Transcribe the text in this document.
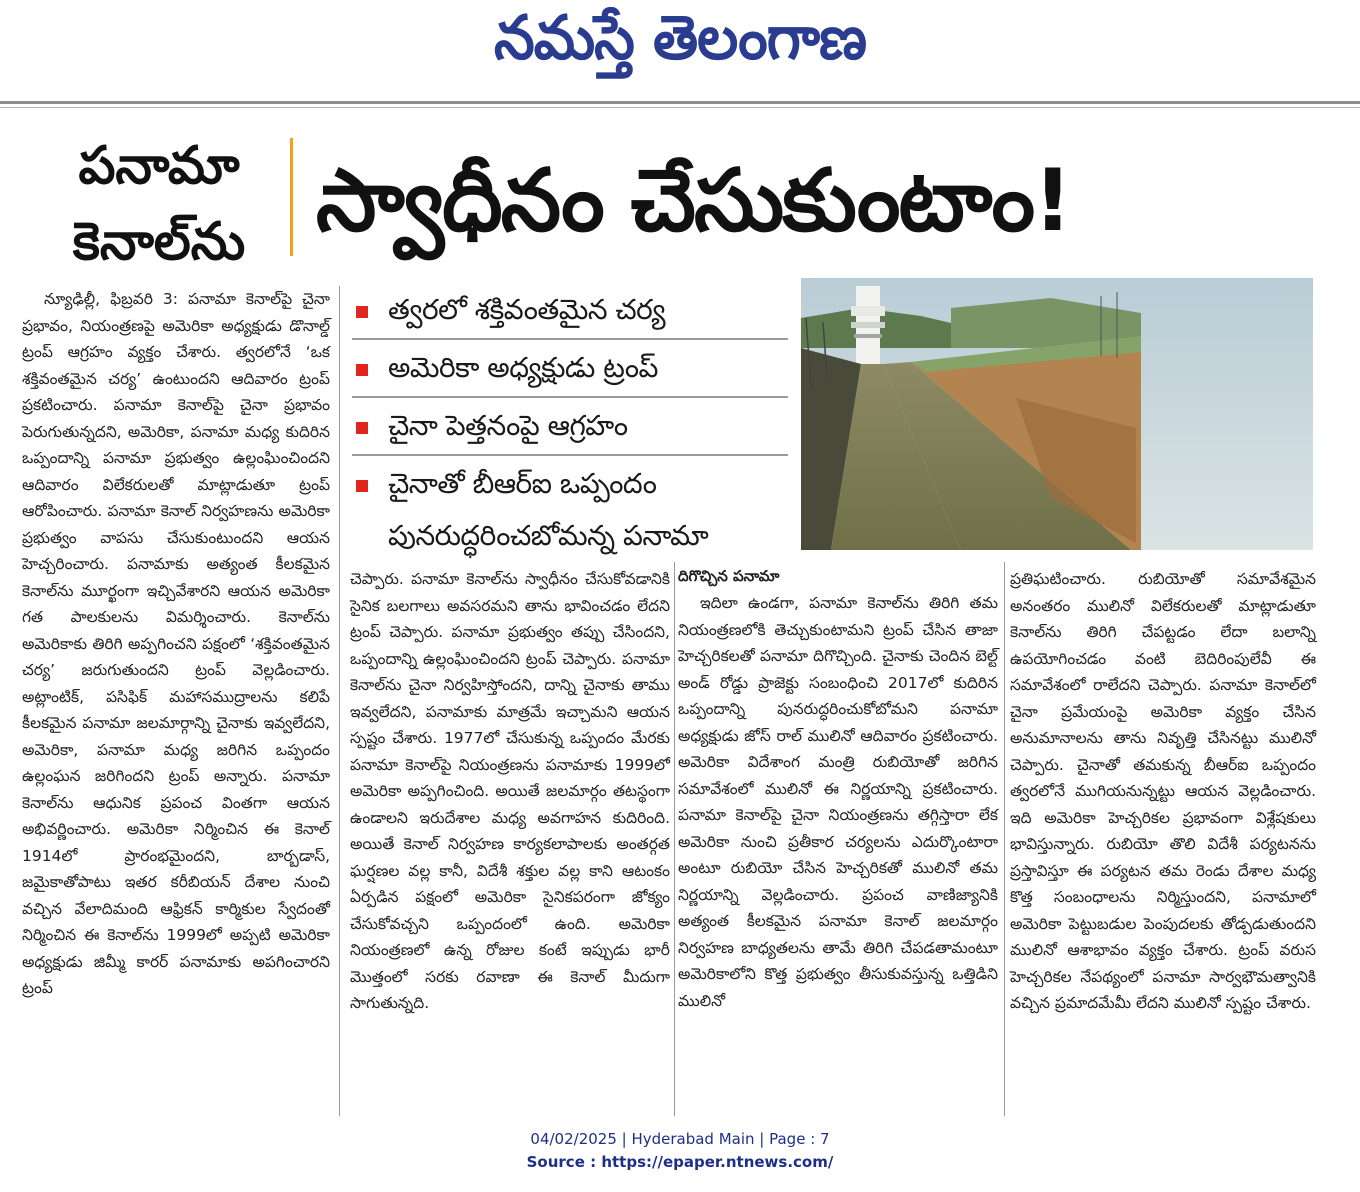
నమస్తే తెలంగాణ
పనామా
కెనాల్‌ను స్వాధీనం చేసుకుంటాం!

న్యూఢిల్లీ, ఫిబ్రవరి 3: పనామా కెనాల్‌పై చైనా ప్రభావం, నియంత్రణపై అమెరికా అధ్యక్షుడు డొనాల్డ్‌ ట్రంప్‌ ఆగ్రహం వ్యక్తం చేశారు. త్వరలోనే ‘ఒక శక్తివంతమైన చర్య’ ఉంటుందని ఆదివారం ట్రంప్‌ ప్రకటించారు. పనామా కెనాల్‌పై చైనా ప్రభావం పెరుగుతున్నదని, అమెరికా, పనామా మధ్య కుదిరిన ఒప్పందాన్ని పనామా ప్రభుత్వం ఉల్లంఘించిందని ఆదివారం విలేకరులతో మాట్లాడుతూ ట్రంప్‌ ఆరోపించారు. పనామా కెనాల్‌ నిర్వహణను అమెరికా ప్రభుత్వం వాపసు చేసుకుంటుందని ఆయన హెచ్చరించారు. పనామాకు అత్యంత కీలకమైన కెనాల్‌ను మూర్ఖంగా ఇచ్చివేశారని ఆయన అమెరికా గత పాలకులను విమర్శించారు. కెనాల్‌ను అమెరికాకు తిరిగి అప్పగించని పక్షంలో ‘శక్తివంతమైన చర్య’ జరుగుతుందని ట్రంప్‌ వెల్లడించారు. అట్లాంటిక్‌, పసిఫిక్‌ మహాసముద్రాలను కలిపే కీలకమైన పనామా జలమార్గాన్ని చైనాకు ఇవ్వలేదని, అమెరికా, పనామా మధ్య జరిగిన ఒప్పందం ఉల్లంఘన జరిగిందని ట్రంప్‌ అన్నారు. పనామా కెనాల్‌ను ఆధునిక ప్రపంచ వింతగా ఆయన అభివర్ణించారు. అమెరికా నిర్మించిన ఈ కెనాల్‌ 1914లో ప్రారంభమైందని, బార్బడాస్‌, జమైకాతోపాటు ఇతర కరీబియన్‌ దేశాల నుంచి వచ్చిన వేలాదిమంది ఆఫ్రికన్‌ కార్మికుల స్వేదంతో నిర్మించిన ఈ కెనాల్‌ను 1999లో అప్పటి అమెరికా అధ్యక్షుడు జిమ్మీ కారర్‌ పనామాకు అపగించారని ట్రంప్‌

త్వరలో శక్తివంతమైన చర్య
అమెరికా అధ్యక్షుడు ట్రంప్
చైనా పెత్తనంపై ఆగ్రహం
చైనాతో బీఆర్‌ఐ ఒప్పందం పునరుద్ధరించబోమన్న పనామా

చెప్పారు. పనామా కెనాల్‌ను స్వాధీనం చేసుకోవడానికి సైనిక బలగాలు అవసరమని తాను భావించడం లేదని ట్రంప్‌ చెప్పారు. పనామా ప్రభుత్వం తప్పు చేసిందని, ఒప్పందాన్ని ఉల్లంఘించిందని ట్రంప్‌ చెప్పారు. పనామా కెనాల్‌ను చైనా నిర్వహిస్తోందని, దాన్ని చైనాకు తాము ఇవ్వలేదని, పనామాకు మాత్రమే ఇచ్చామని ఆయన స్పష్టం చేశారు. 1977లో చేసుకున్న ఒప్పందం మేరకు పనామా కెనాల్‌పై నియంత్రణను పనామాకు 1999లో అమెరికా అప్పగించింది. అయితే జలమార్గం తటస్థంగా ఉండాలని ఇరుదేశాల మధ్య అవగాహన కుదిరింది. అయితే కెనాల్‌ నిర్వహణ కార్యకలాపాలకు అంతర్గత ఘర్షణల వల్ల కానీ, విదేశీ శక్తుల వల్ల కాని ఆటంకం ఏర్పడిన పక్షంలో అమెరికా సైనికపరంగా జోక్యం చేసుకోవచ్చని ఒప్పందంలో ఉంది. అమెరికా నియంత్రణలో ఉన్న రోజుల కంటే ఇప్పుడు భారీ మొత్తంలో సరకు రవాణా ఈ కెనాల్‌ మీదుగా సాగుతున్నది.

దిగొచ్చిన పనామా

ఇదిలా ఉండగా, పనామా కెనాల్‌ను తిరిగి తమ నియంత్రణలోకి తెచ్చుకుంటామని ట్రంప్‌ చేసిన తాజా హెచ్చరికలతో పనామా దిగొచ్చింది. చైనాకు చెందిన బెల్ట్‌ అండ్‌ రోడ్డు ప్రాజెక్టు సంబంధించి 2017లో కుదిరిన ఒప్పందాన్ని పునరుద్ధరించుకోబోమని పనామా అధ్యక్షుడు జోస్‌ రాల్‌ ములినో ఆదివారం ప్రకటించారు. అమెరికా విదేశాంగ మంత్రి రుబియోతో జరిగిన సమావేశంలో ములినో ఈ నిర్ణయాన్ని ప్రకటించారు. పనామా కెనాల్‌పై చైనా నియంత్రణను తగ్గిస్తారా లేక అమెరికా నుంచి ప్రతీకార చర్యలను ఎదుర్కొంటారా అంటూ రుబియో చేసిన హెచ్చరికతో ములినో తమ నిర్ణయాన్ని వెల్లడించారు. ప్రపంచ వాణిజ్యానికి అత్యంత కీలకమైన పనామా కెనాల్‌ జలమార్గం నిర్వహణ బాధ్యతలను తామే తిరిగి చేపడతామంటూ అమెరికాలోని కొత్త ప్రభుత్వం తీసుకువస్తున్న ఒత్తిడిని ములినో

ప్రతిఘటించారు. రుబియోతో సమావేశమైన అనంతరం ములినో విలేకరులతో మాట్లాడుతూ కెనాల్‌ను తిరిగి చేపట్టడం లేదా బలాన్ని ఉపయోగించడం వంటి బెదిరింపులేవీ ఈ సమావేశంలో రాలేదని చెప్పారు. పనామా కెనాల్‌లో చైనా ప్రమేయంపై అమెరికా వ్యక్తం చేసిన అనుమానాలను తాను నివృత్తి చేసినట్టు ములినో చెప్పారు. చైనాతో తమకున్న బీఆర్‌ఐ ఒప్పందం త్వరలోనే ముగియనున్నట్టు ఆయన వెల్లడించారు. ఇది అమెరికా హెచ్చరికల ప్రభావంగా విశ్లేషకులు భావిస్తున్నారు. రుబియో తొలి విదేశీ పర్యటనను ప్రస్తావిస్తూ ఈ పర్యటన తమ రెండు దేశాల మధ్య కొత్త సంబంధాలను నిర్మిస్తుందని, పనామాలో అమెరికా పెట్టుబడుల పెంపుదలకు తోడ్పడుతుందని ములినో ఆశాభావం వ్యక్తం చేశారు. ట్రంప్‌ వరుస హెచ్చరికల నేపథ్యంలో పనామా సార్వభౌమత్వానికి వచ్చిన ప్రమాదమేమీ లేదని ములినో స్పష్టం చేశారు.

04/02/2025 | Hyderabad Main | Page : 7
Source : https://epaper.ntnews.com/
